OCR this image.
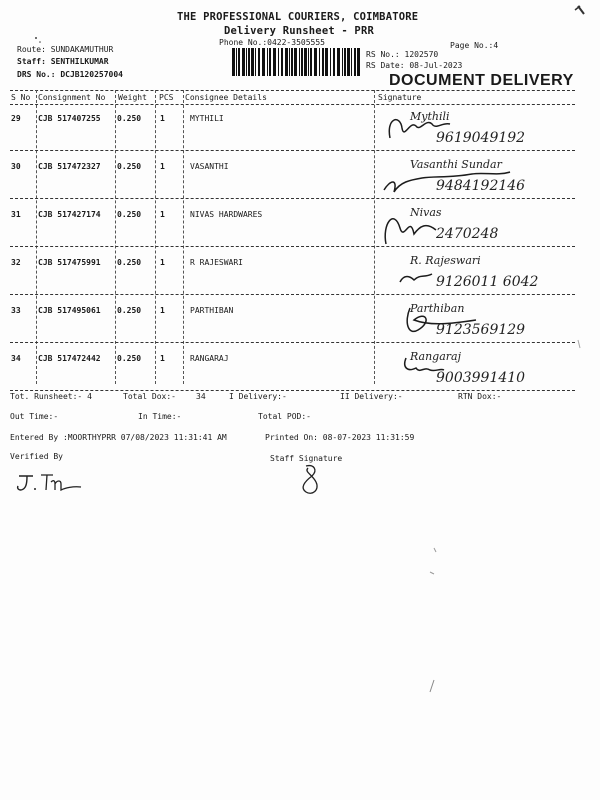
THE PROFESSIONAL COURIERS, COIMBATORE
Delivery Runsheet - PRR
Phone No.:0422-3505555	Page No.:4
Route: SUNDAKAMUTHUR
Staff: SENTHILKUMAR
DRS No.: DCJB120257004
RS No.: 1202570
RS Date: 08-Jul-2023
DOCUMENT DELIVERY
S No Consignment No Weight PCS Consignee Details	Signature
29 CJB 517407255 0.250 1	MYTHILI	Mythili
9619049192
30 CJB 517472327 0.250 1	VASANTHI	Vasanthi Sundar
9484192146
31 CJB 517427174 0.250 1	NIVAS HARDWARES	Nivas
2470248
32 CJB 517475991 0.250 1	R RAJESWARI	R. Rajeswari
9126011 6042
33 CJB 517495061 0.250 1	PARTHIBAN	Parthiban
9123569129
34 CJB 517472442 0.250 1	RANGARAJ	Rangaraj
9003991410
Tot. Runsheet:- 4	Total Dox:-	34	I Delivery:-	II Delivery:-	RTN Dox:-
Out Time:-	In Time:-	Total POD:-
Entered By :MOORTHYPRR 07/08/2023 11:31:41 AM	Printed On: 08-07-2023 11:31:59
Verified By	Staff Signature
